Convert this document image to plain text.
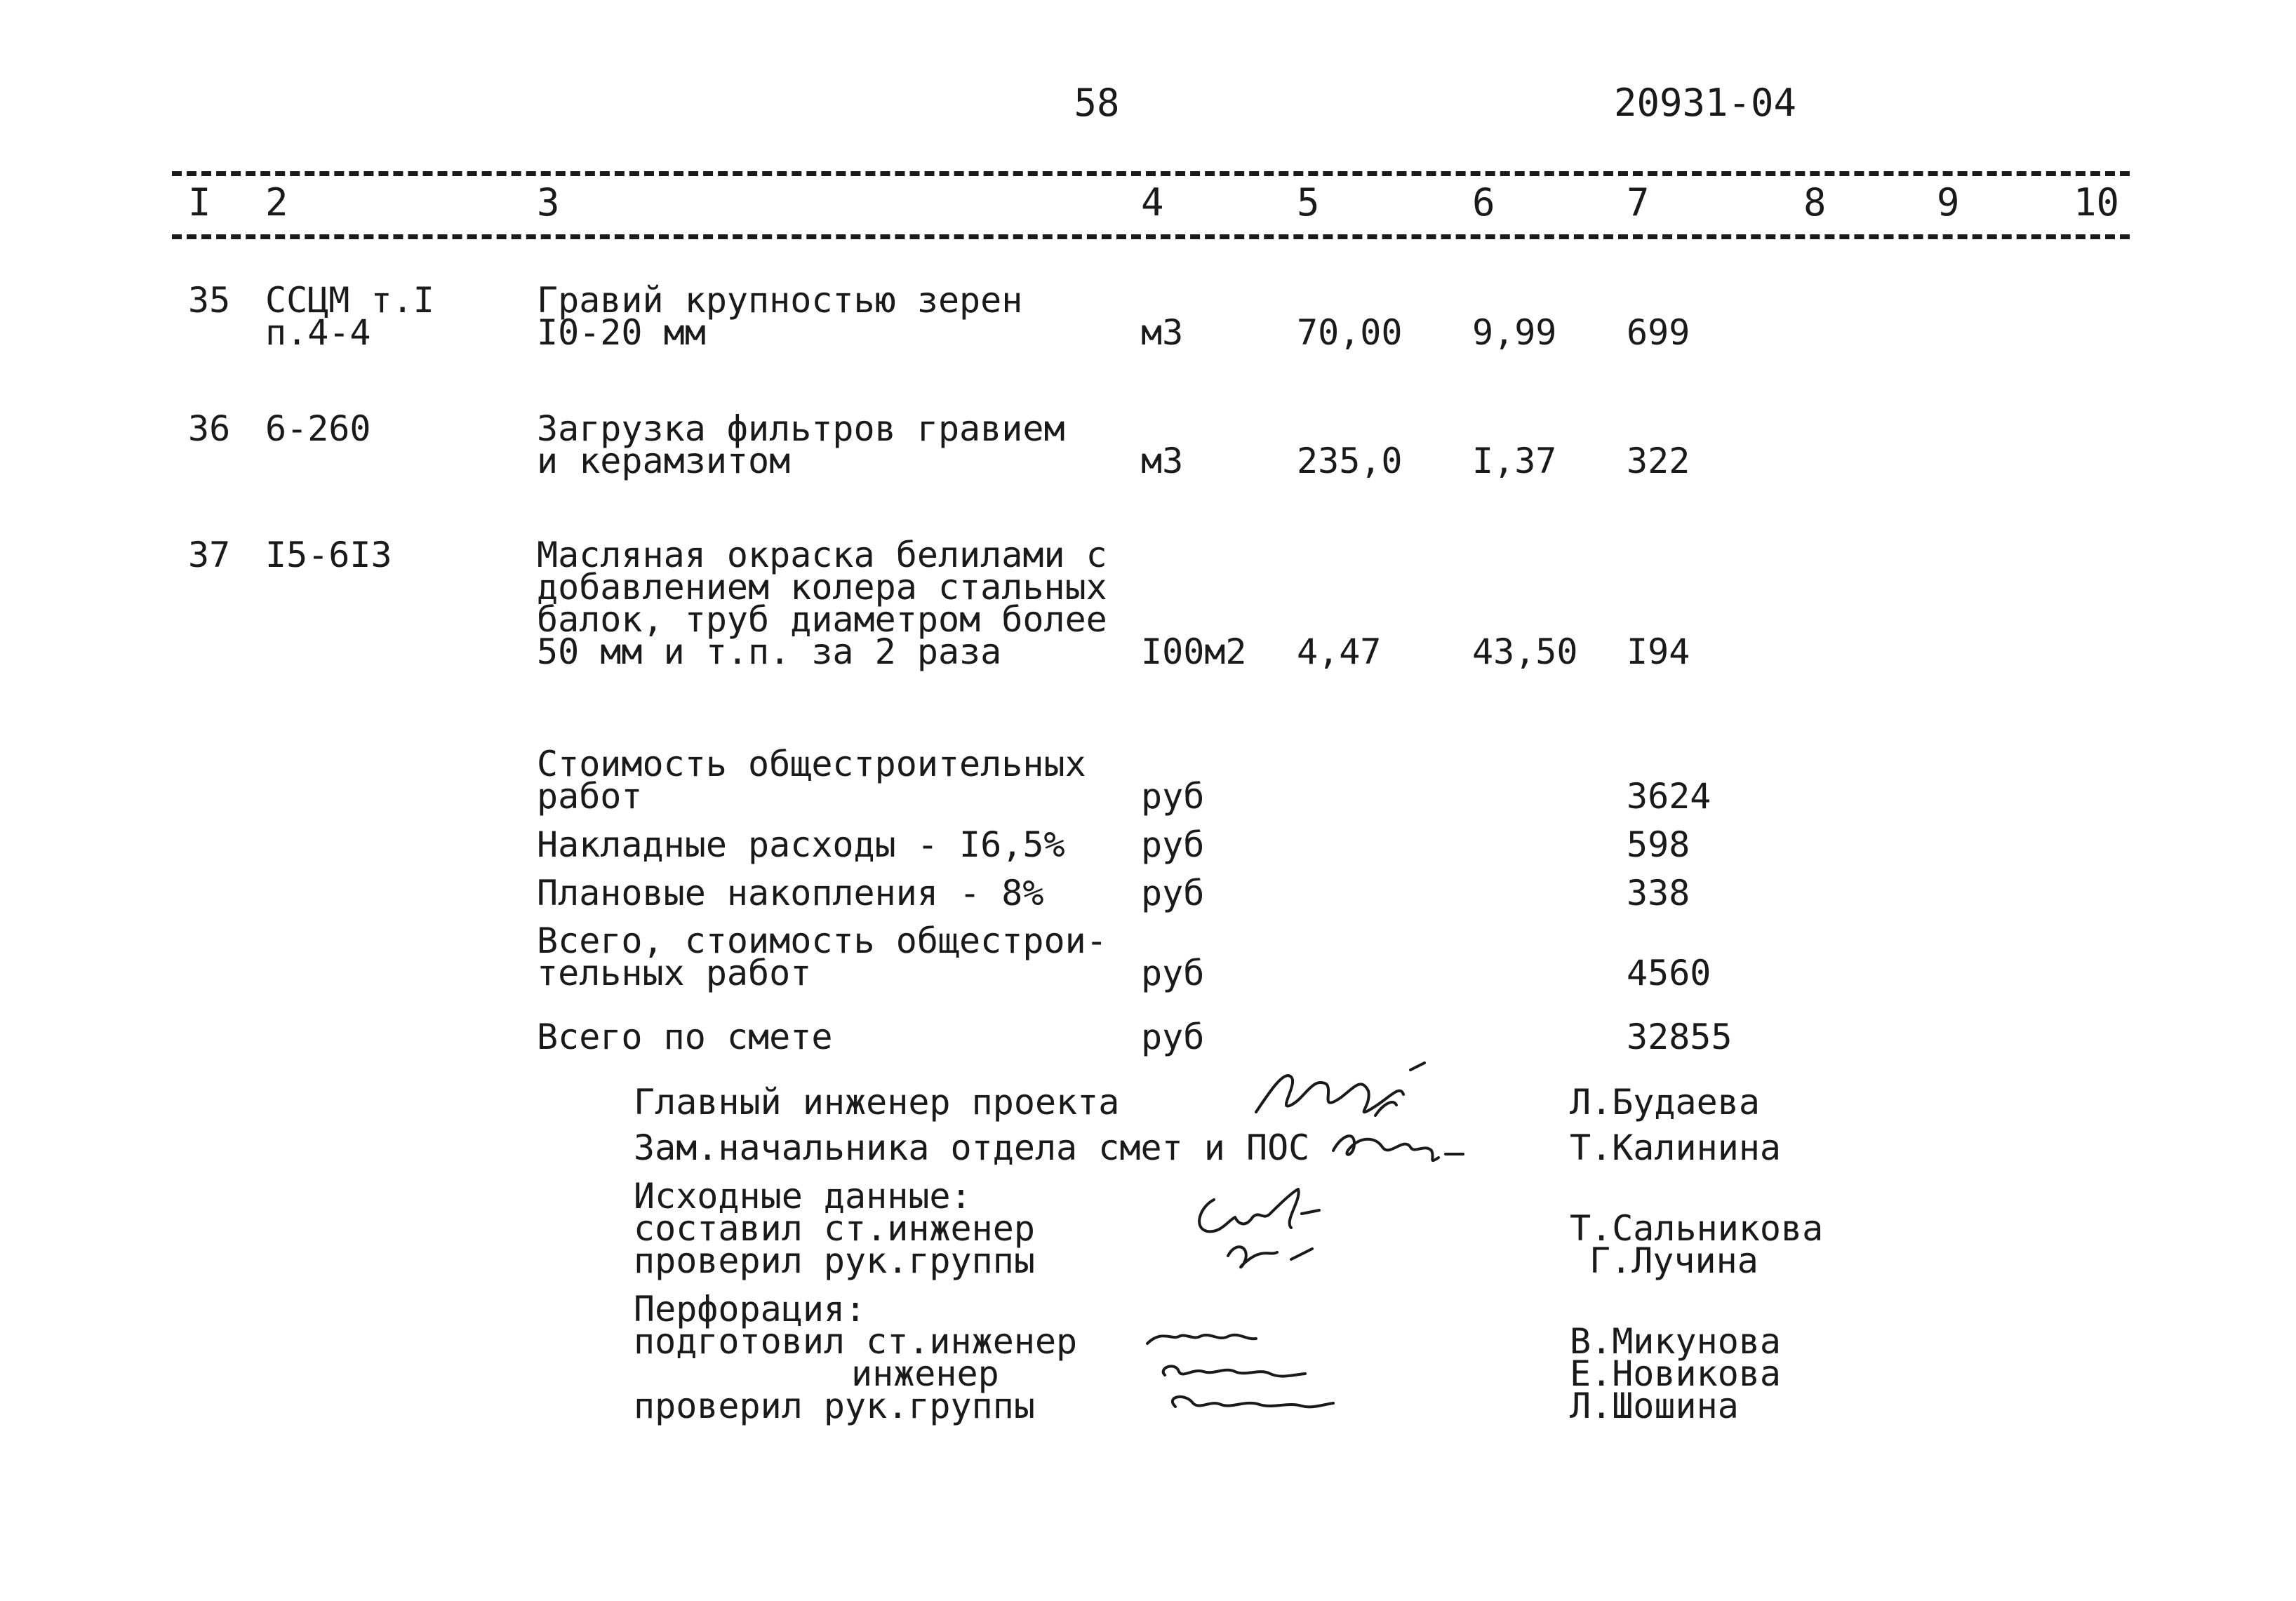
58	20931-04
I 2	3	4	5	6	7	8	9	10
35 ССЦМ т.I
п.4-4
Гравий крупностью зерен
I0-20 мм	м3	70,00 9,99 699
36 6-260	Загрузка фильтров гравием
и керамзитом	м3	235,0 I,37 322
37 I5-6I3	Масляная окраска белилами с
добавлением колера стальных
балок, труб диаметром более
50 мм и т.п. за 2 раза	I00м2 4,47	43,50 I94
Стоимость общестроительных
работ	руб	3624
Накладные расходы - I6,5% руб	598
Плановые накопления - 8%	руб	338
Всего, стоимость общестрои-
тельных работ	руб	4560
Всего по смете	руб	32855
Главный инженер проекта	Л.Будаева
Зам.начальника отдела смет и ПОС	Т.Калинина
Исходные данные:
составил ст.инженер	Т.Сальникова
проверил рук.группы	Г.Лучина
Перфорация:
подготовил ст.инженер	В.Микунова
инженер	Е.Новикова
проверил рук.группы	Л.Шошина
